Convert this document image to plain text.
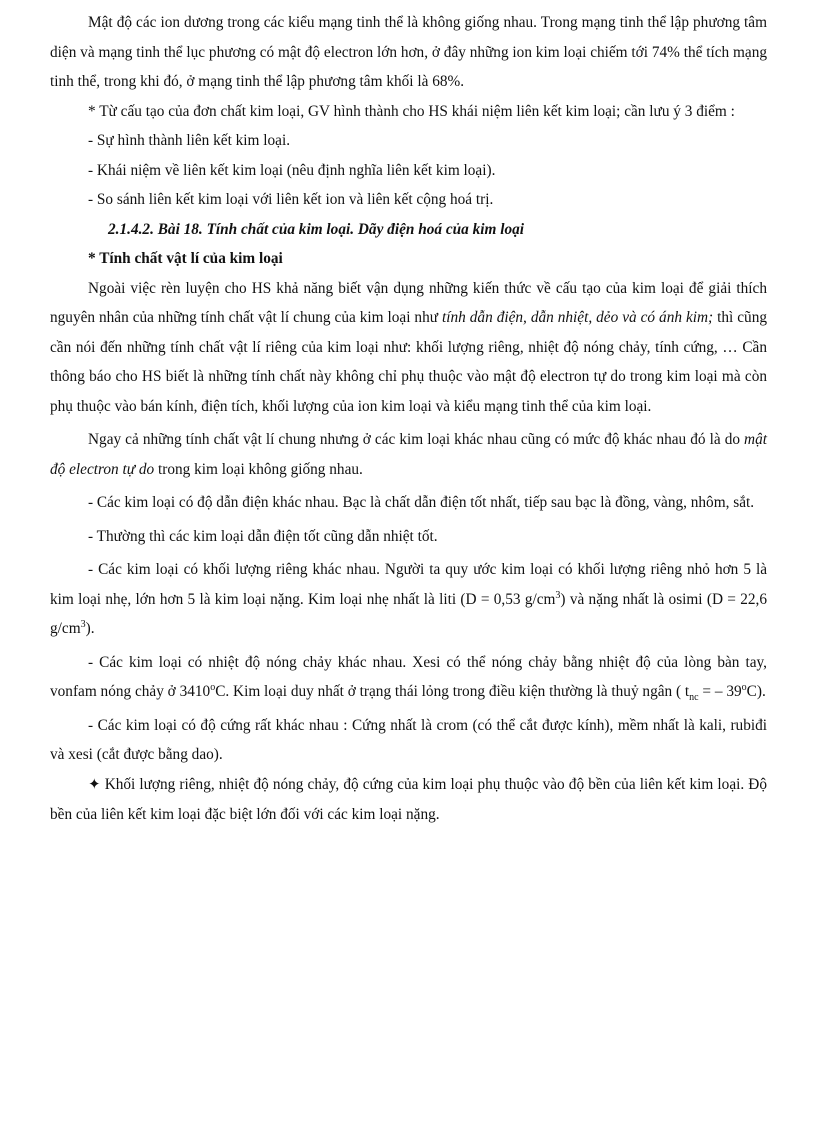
Mật độ các ion dương trong các kiểu mạng tinh thể là không giống nhau. Trong mạng tinh thể lập phương tâm diện và mạng tinh thể lục phương có mật độ electron lớn hơn, ở đây những ion kim loại chiếm tới 74% thể tích mạng tinh thể, trong khi đó, ở mạng tinh thể lập phương tâm khối là 68%.

* Từ cấu tạo của đơn chất kim loại, GV hình thành cho HS khái niệm liên kết kim loại; cần lưu ý 3 điểm :

- Sự hình thành liên kết kim loại.

- Khái niệm về liên kết kim loại (nêu định nghĩa liên kết kim loại).

- So sánh liên kết kim loại với liên kết ion và liên kết cộng hoá trị.

2.1.4.2. Bài 18. Tính chất của kim loại. Dãy điện hoá của kim loại

* Tính chất vật lí của kim loại

Ngoài việc rèn luyện cho HS khả năng biết vận dụng những kiến thức về cấu tạo của kim loại để giải thích nguyên nhân của những tính chất vật lí chung của kim loại như tính dẫn điện, dẫn nhiệt, dẻo và có ánh kim; thì cũng cần nói đến những tính chất vật lí riêng của kim loại như: khối lượng riêng, nhiệt độ nóng chảy, tính cứng, … Cần thông báo cho HS biết là những tính chất này không chỉ phụ thuộc vào mật độ electron tự do trong kim loại mà còn phụ thuộc vào bán kính, điện tích, khối lượng của ion kim loại và kiểu mạng tinh thể của kim loại.

Ngay cả những tính chất vật lí chung nhưng ở các kim loại khác nhau cũng có mức độ khác nhau đó là do mật độ electron tự do trong kim loại không giống nhau.

- Các kim loại có độ dẫn điện khác nhau. Bạc là chất dẫn điện tốt nhất, tiếp sau bạc là đồng, vàng, nhôm, sắt.

- Thường thì các kim loại dẫn điện tốt cũng dẫn nhiệt tốt.

- Các kim loại có khối lượng riêng khác nhau. Người ta quy ước kim loại có khối lượng riêng nhỏ hơn 5 là kim loại nhẹ, lớn hơn 5 là kim loại nặng. Kim loại nhẹ nhất là liti (D = 0,53 $g/cm^3$) và nặng nhất là osimi (D = 22,6 $g/cm^3$).

- Các kim loại có nhiệt độ nóng chảy khác nhau. Xesi có thể nóng chảy bằng nhiệt độ của lòng bàn tay, vonfam nóng chảy ở 3410$^o$C. Kim loại duy nhất ở trạng thái lỏng trong điều kiện thường là thuỷ ngân ( $t_{nc}$ = – 39$^o$C).

- Các kim loại có độ cứng rất khác nhau : Cứng nhất là crom (có thể cắt được kính), mềm nhất là kali, rubiđi và xesi (cắt được bằng dao).

✦ Khối lượng riêng, nhiệt độ nóng chảy, độ cứng của kim loại phụ thuộc vào độ bền của liên kết kim loại. Độ bền của liên kết kim loại đặc biệt lớn đối với các kim loại nặng.
